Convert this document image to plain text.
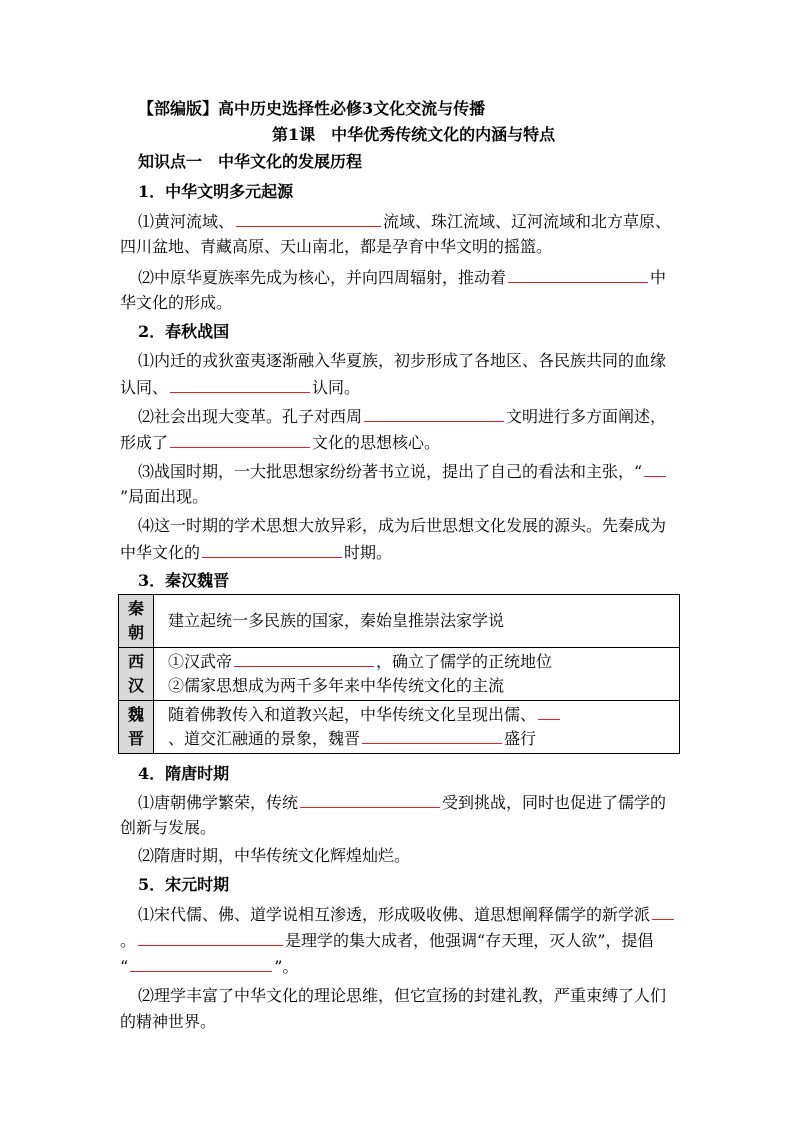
【部编版】高中历史选择性必修3文化交流与传播
第1课　中华优秀传统文化的内涵与特点
知识点一　中华文化的发展历程
1．中华文明多元起源
⑴黄河流域、	流域、珠江流域、辽河流域和北方草原、
四川盆地、青藏高原、天山南北，都是孕育中华文明的摇篮。
⑵中原华夏族率先成为核心，并向四周辐射，推动着	中
华文化的形成。
2．春秋战国
⑴内迁的戎狄蛮夷逐渐融入华夏族，初步形成了各地区、各民族共同的血缘
认同、	认同。
⑵社会出现大变革。孔子对西周	文明进行多方面阐述，
形成了	文化的思想核心。
⑶战国时期，一大批思想家纷纷著书立说，提出了自己的看法和主张，“
”局面出现。
⑷这一时期的学术思想大放异彩，成为后世思想文化发展的源头。先秦成为
中华文化的	时期。
3．秦汉魏晋
秦朝	建立起统一多民族的国家，秦始皇推崇法家学说

西汉	①汉武帝 ，确立了儒学的正统地位
②儒家思想成为两千多年来中华传统文化的主流

魏晋	随着佛教传入和道教兴起，中华传统文化呈现出儒、
、道交汇融通的景象，魏晋 盛行
4．隋唐时期
⑴唐朝佛学繁荣，传统	受到挑战，同时也促进了儒学的
创新与发展。
⑵隋唐时期，中华传统文化辉煌灿烂。
5．宋元时期
⑴宋代儒、佛、道学说相互渗透，形成吸收佛、道思想阐释儒学的新学派
。	是理学的集大成者，他强调“存天理，灭人欲”，提倡
“	”。
⑵理学丰富了中华文化的理论思维，但它宣扬的封建礼教，严重束缚了人们
的精神世界。
